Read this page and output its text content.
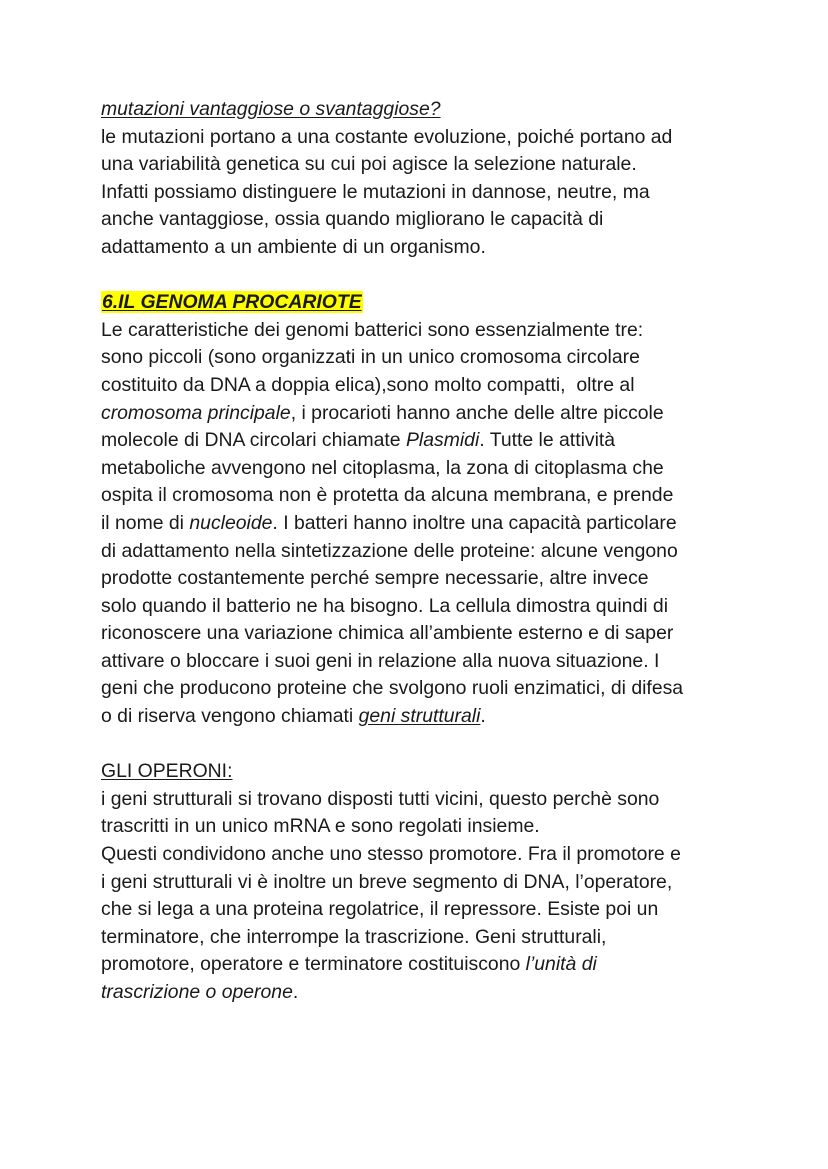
mutazioni vantaggiose o svantaggiose?
le mutazioni portano a una costante evoluzione, poiché portano ad
una variabilità genetica su cui poi agisce la selezione naturale.
Infatti possiamo distinguere le mutazioni in dannose, neutre, ma
anche vantaggiose, ossia quando migliorano le capacità di
adattamento a un ambiente di un organismo.
6.IL GENOMA PROCARIOTE
Le caratteristiche dei genomi batterici sono essenzialmente tre:
sono piccoli (sono organizzati in un unico cromosoma circolare
costituito da DNA a doppia elica),sono molto compatti,  oltre al
cromosoma principale, i procarioti hanno anche delle altre piccole
molecole di DNA circolari chiamate Plasmidi. Tutte le attività
metaboliche avvengono nel citoplasma, la zona di citoplasma che
ospita il cromosoma non è protetta da alcuna membrana, e prende
il nome di nucleoide. I batteri hanno inoltre una capacità particolare
di adattamento nella sintetizzazione delle proteine: alcune vengono
prodotte costantemente perché sempre necessarie, altre invece
solo quando il batterio ne ha bisogno. La cellula dimostra quindi di
riconoscere una variazione chimica all’ambiente esterno e di saper
attivare o bloccare i suoi geni in relazione alla nuova situazione. I
geni che producono proteine che svolgono ruoli enzimatici, di difesa
o di riserva vengono chiamati geni strutturali.
GLI OPERONI:
i geni strutturali si trovano disposti tutti vicini, questo perchè sono
trascritti in un unico mRNA e sono regolati insieme.
Questi condividono anche uno stesso promotore. Fra il promotore e
i geni strutturali vi è inoltre un breve segmento di DNA, l’operatore,
che si lega a una proteina regolatrice, il repressore. Esiste poi un
terminatore, che interrompe la trascrizione. Geni strutturali,
promotore, operatore e terminatore costituiscono l’unità di
trascrizione o operone.
